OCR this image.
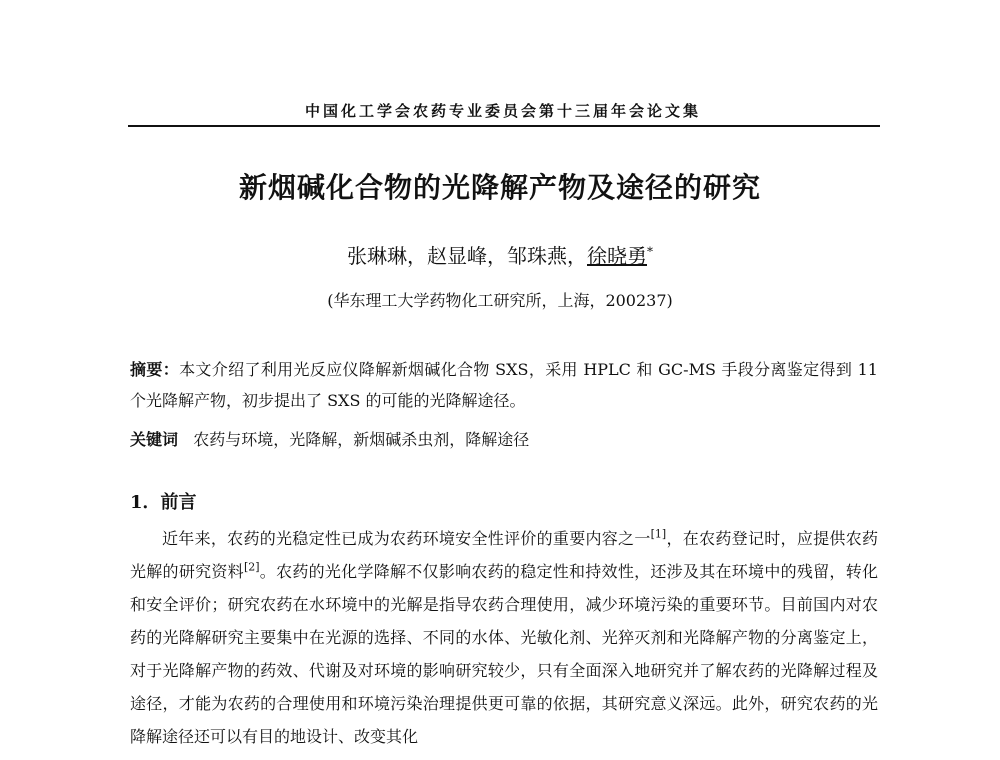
中国化工学会农药专业委员会第十三届年会论文集
新烟碱化合物的光降解产物及途径的研究
张琳琳，赵显峰，邹珠燕，徐晓勇*
(华东理工大学药物化工研究所，上海，200237)
摘要：本文介绍了利用光反应仪降解新烟碱化合物 SXS，采用 HPLC 和 GC-MS 手段分离鉴定得到 11 个光降解产物，初步提出了 SXS 的可能的光降解途径。
关键词 农药与环境，光降解，新烟碱杀虫剂，降解途径
1．前言
近年来，农药的光稳定性已成为农药环境安全性评价的重要内容之一[1]，在农药登记时，应提供农药光解的研究资料[2]。农药的光化学降解不仅影响农药的稳定性和持效性，还涉及其在环境中的残留，转化和安全评价；研究农药在水环境中的光解是指导农药合理使用，减少环境污染的重要环节。目前国内对农药的光降解研究主要集中在光源的选择、不同的水体、光敏化剂、光猝灭剂和光降解产物的分离鉴定上，对于光降解产物的药效、代谢及对环境的影响研究较少，只有全面深入地研究并了解农药的光降解过程及途径，才能为农药的合理使用和环境污染治理提供更可靠的依据，其研究意义深远。此外，研究农药的光降解途径还可以有目的地设计、改变其化
